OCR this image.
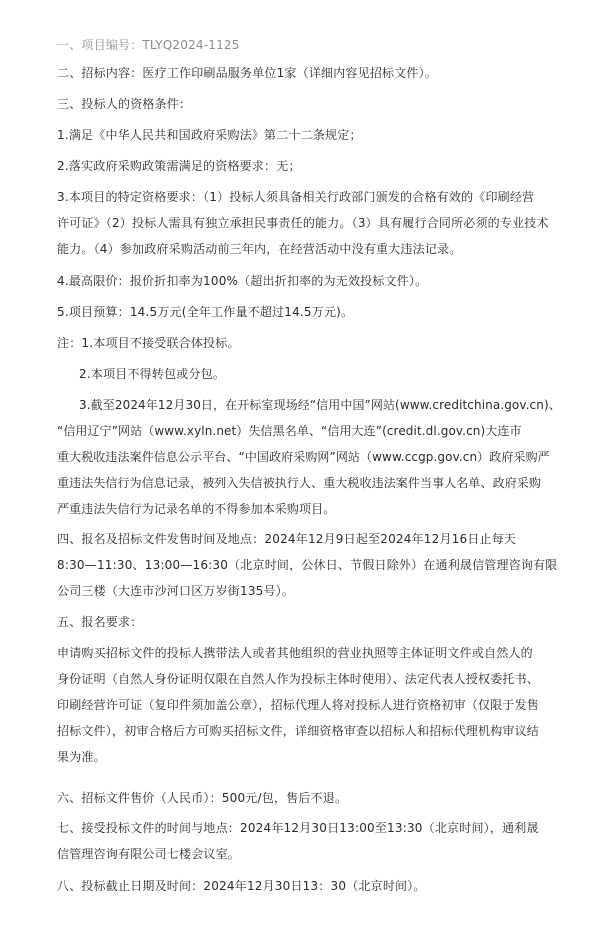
一、项目编号：TLYQ2024-1125
二、招标内容：医疗工作印刷品服务单位1家（详细内容见招标文件）。
三、投标人的资格条件：
1.满足《中华人民共和国政府采购法》第二十二条规定；
2.落实政府采购政策需满足的资格要求：无；
3.本项目的特定资格要求：（1）投标人须具备相关行政部门颁发的合格有效的《印刷经营
许可证》（2）投标人需具有独立承担民事责任的能力。（3）具有履行合同所必须的专业技术
能力。（4）参加政府采购活动前三年内，在经营活动中没有重大违法记录。
4.最高限价：报价折扣率为100%（超出折扣率的为无效投标文件）。
5.项目预算：14.5万元(全年工作量不超过14.5万元)。
注：1.本项目不接受联合体投标。
2.本项目不得转包或分包。
3.截至2024年12月30日，在开标室现场经“信用中国”网站(www.creditchina.gov.cn)、
“信用辽宁”网站（www.xyln.net）失信黑名单、“信用大连”(credit.dl.gov.cn)大连市
重大税收违法案件信息公示平台、“中国政府采购网”网站（www.ccgp.gov.cn）政府采购严
重违法失信行为信息记录，被列入失信被执行人、重大税收违法案件当事人名单、政府采购
严重违法失信行为记录名单的不得参加本采购项目。
四、报名及招标文件发售时间及地点：2024年12月9日起至2024年12月16日止每天
8:30—11:30、13:00—16:30（北京时间，公休日、节假日除外）在通利晟信管理咨询有限
公司三楼（大连市沙河口区万岁街135号）。
五、报名要求：
申请购买招标文件的投标人携带法人或者其他组织的营业执照等主体证明文件或自然人的
身份证明（自然人身份证明仅限在自然人作为投标主体时使用）、法定代表人授权委托书、
印刷经营许可证（复印件须加盖公章），招标代理人将对投标人进行资格初审（仅限于发售
招标文件），初审合格后方可购买招标文件，详细资格审查以招标人和招标代理机构审议结
果为准。
六、招标文件售价（人民币）：500元/包，售后不退。
七、接受投标文件的时间与地点：2024年12月30日13:00至13:30（北京时间），通利晟
信管理咨询有限公司七楼会议室。
八、投标截止日期及时间：2024年12月30日13：30（北京时间）。
